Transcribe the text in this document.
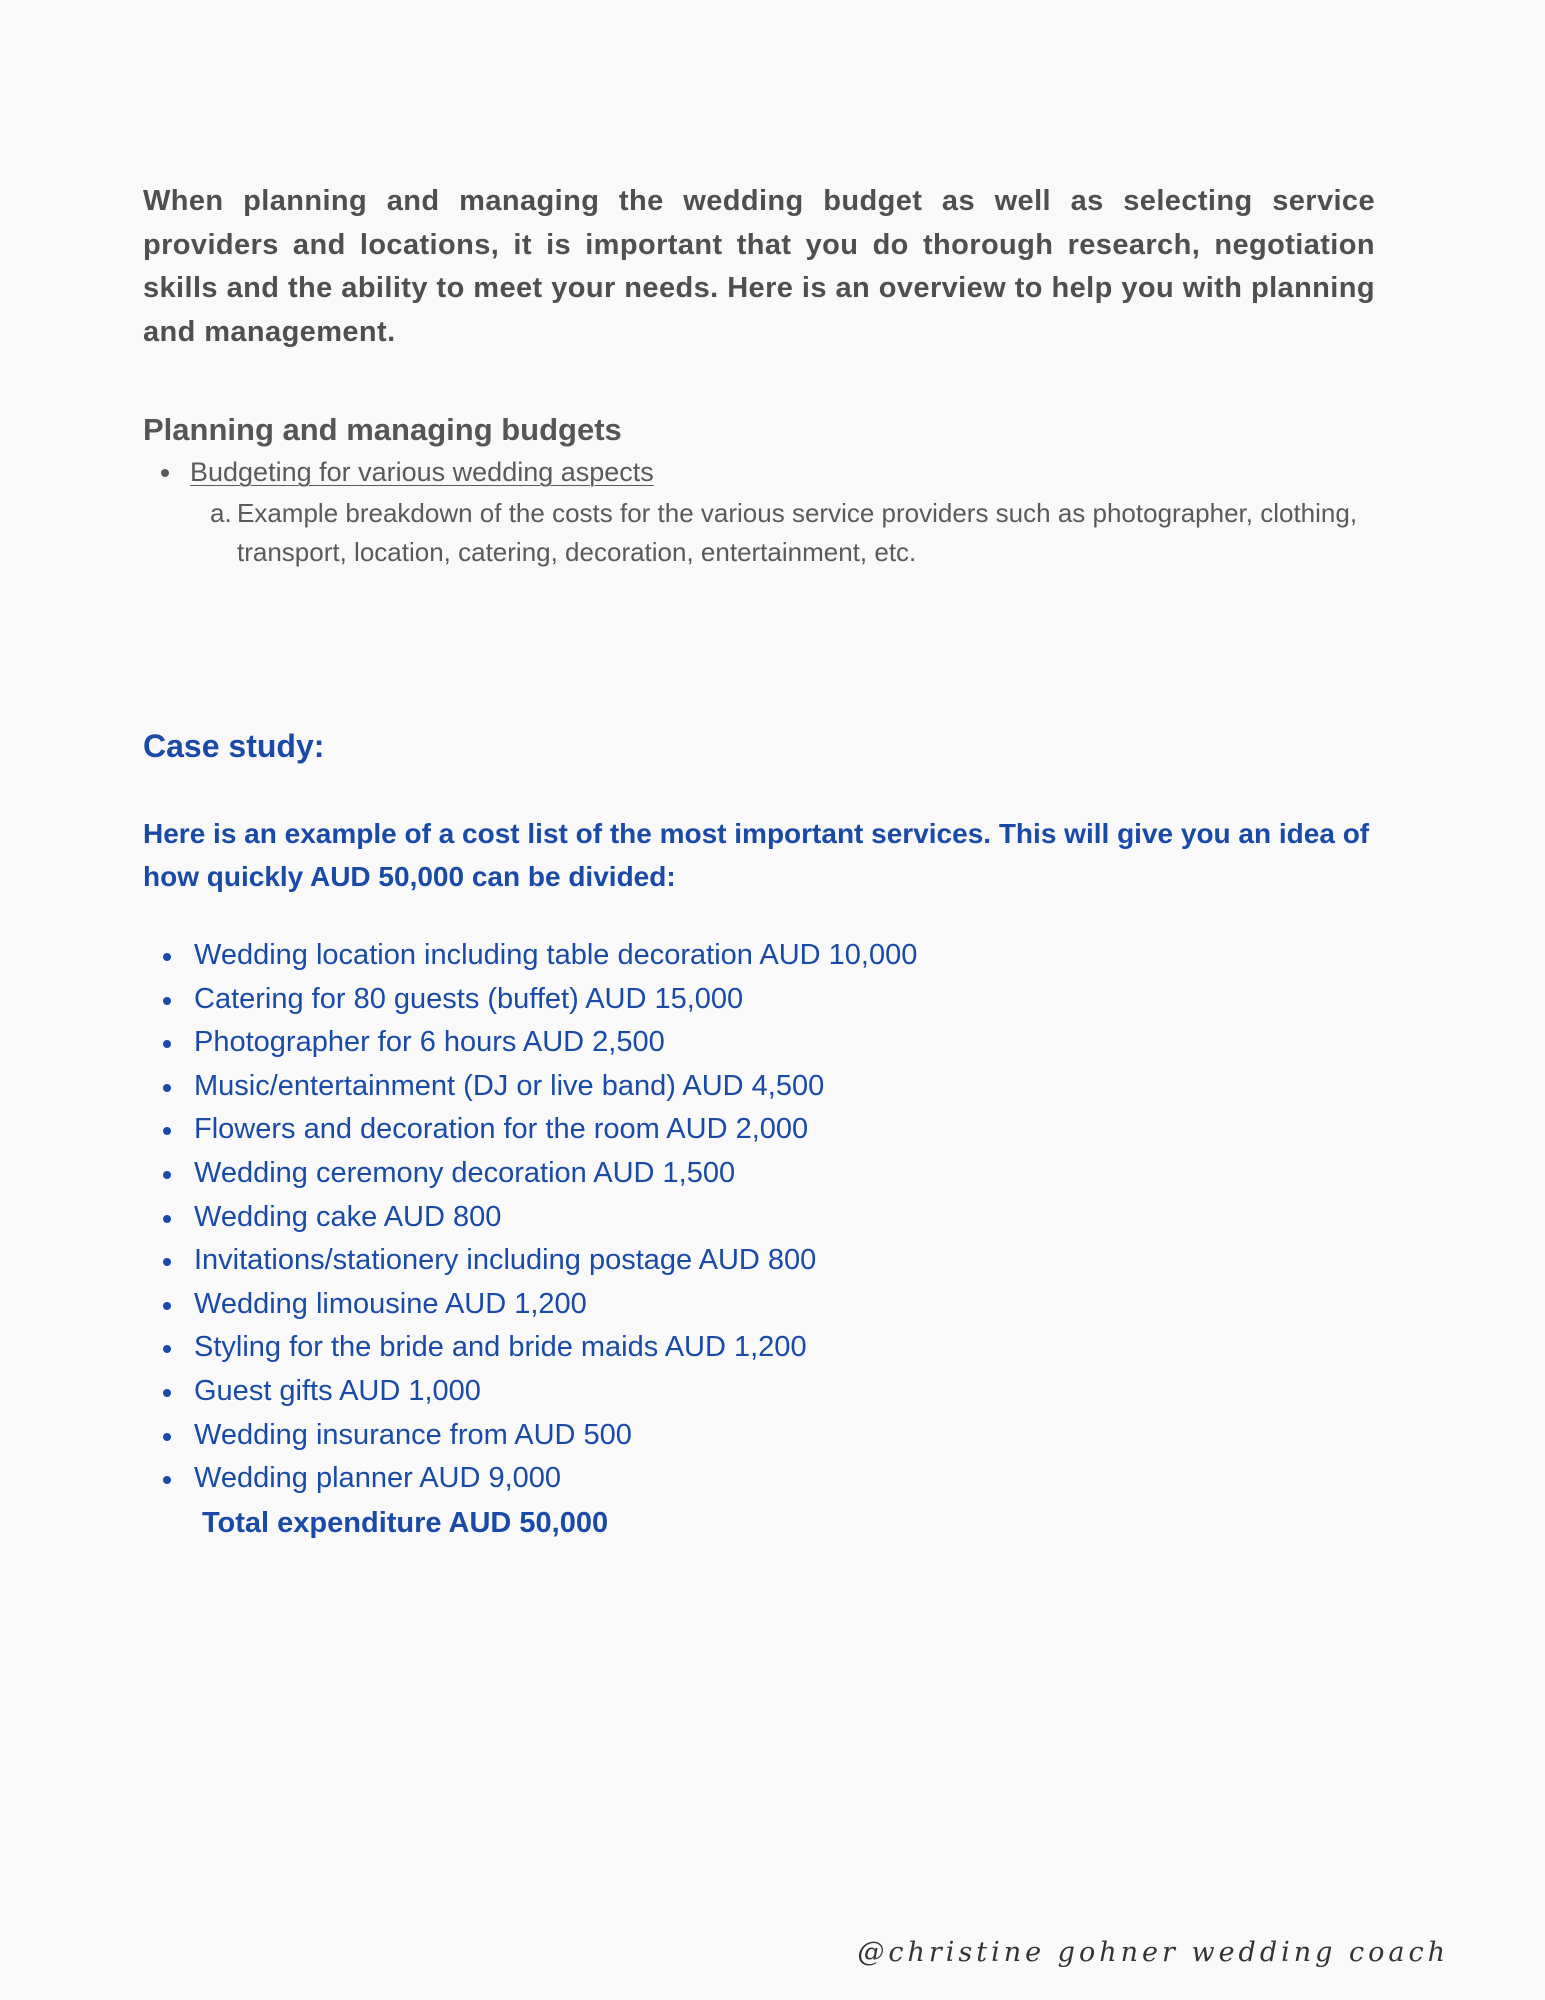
When planning and managing the wedding budget as well as selecting service providers and locations, it is important that you do thorough research, negotiation skills and the ability to meet your needs. Here is an overview to help you with planning and management.

Planning and managing budgets
Budgeting for various wedding aspects
a. Example breakdown of the costs for the various service providers such as photographer, clothing, transport, location, catering, decoration, entertainment, etc.
Case study:

Here is an example of a cost list of the most important services. This will give you an idea of how quickly AUD 50,000 can be divided:

Wedding location including table decoration AUD 10,000
Catering for 80 guests (buffet) AUD 15,000
Photographer for 6 hours AUD 2,500
Music/entertainment (DJ or live band) AUD 4,500
Flowers and decoration for the room AUD 2,000
Wedding ceremony decoration AUD 1,500
Wedding cake AUD 800
Invitations/stationery including postage AUD 800
Wedding limousine AUD 1,200
Styling for the bride and bride maids AUD 1,200
Guest gifts AUD 1,000
Wedding insurance from AUD 500
Wedding planner AUD 9,000

Total expenditure AUD 50,000

@christine gohner wedding coach
